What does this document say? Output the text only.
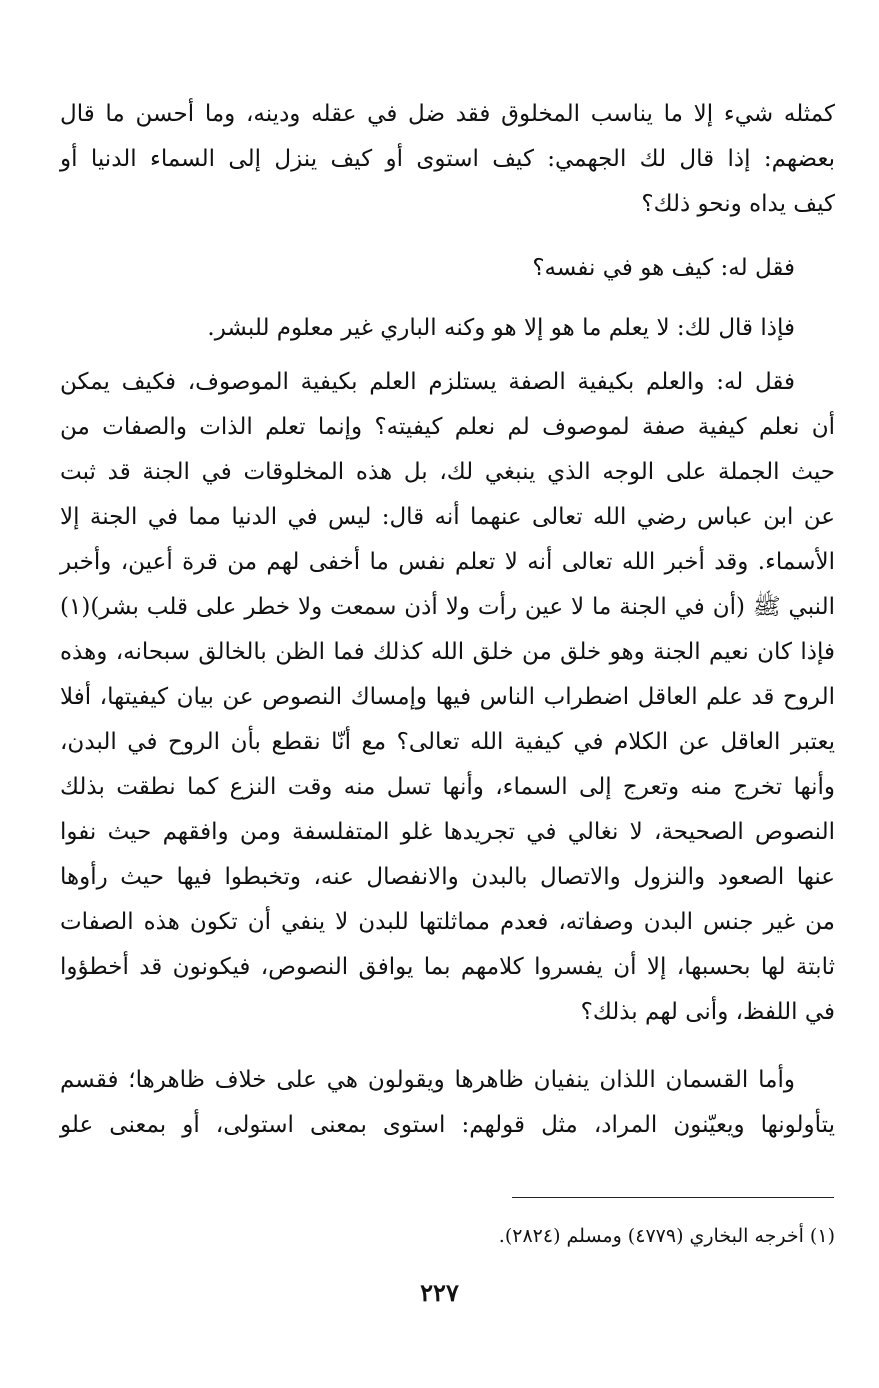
كمثله شيء إلا ما يناسب المخلوق فقد ضل في عقله ودينه، وما أحسن ما قال
بعضهم: إذا قال لك الجهمي: كيف استوى أو كيف ينزل إلى السماء الدنيا أو
كيف يداه ونحو ذلك؟
فقل له: كيف هو في نفسه؟
فإذا قال لك: لا يعلم ما هو إلا هو وكنه الباري غير معلوم للبشر.
فقل له: والعلم بكيفية الصفة يستلزم العلم بكيفية الموصوف، فكيف يمكن
أن نعلم كيفية صفة لموصوف لم نعلم كيفيته؟ وإنما تعلم الذات والصفات من
حيث الجملة على الوجه الذي ينبغي لك، بل هذه المخلوقات في الجنة قد ثبت
عن ابن عباس رضي الله تعالى عنهما أنه قال: ليس في الدنيا مما في الجنة إلا
الأسماء. وقد أخبر الله تعالى أنه لا تعلم نفس ما أخفى لهم من قرة أعين، وأخبر
النبي ﷺ (أن في الجنة ما لا عين رأت ولا أذن سمعت ولا خطر على قلب بشر)(١)
فإذا كان نعيم الجنة وهو خلق من خلق الله كذلك فما الظن بالخالق سبحانه، وهذه
الروح قد علم العاقل اضطراب الناس فيها وإمساك النصوص عن بيان كيفيتها، أفلا
يعتبر العاقل عن الكلام في كيفية الله تعالى؟ مع أنّا نقطع بأن الروح في البدن،
وأنها تخرج منه وتعرج إلى السماء، وأنها تسل منه وقت النزع كما نطقت بذلك
النصوص الصحيحة، لا نغالي في تجريدها غلو المتفلسفة ومن وافقهم حيث نفوا
عنها الصعود والنزول والاتصال بالبدن والانفصال عنه، وتخبطوا فيها حيث رأوها
من غير جنس البدن وصفاته، فعدم مماثلتها للبدن لا ينفي أن تكون هذه الصفات
ثابتة لها بحسبها، إلا أن يفسروا كلامهم بما يوافق النصوص، فيكونون قد أخطؤوا
في اللفظ، وأنى لهم بذلك؟
وأما القسمان اللذان ينفيان ظاهرها ويقولون هي على خلاف ظاهرها؛ فقسم
يتأولونها ويعيّنون المراد، مثل قولهم: استوى بمعنى استولى، أو بمعنى علو
(١) أخرجه البخاري (٤٧٧٩) ومسلم (٢٨٢٤).
٢٢٧
